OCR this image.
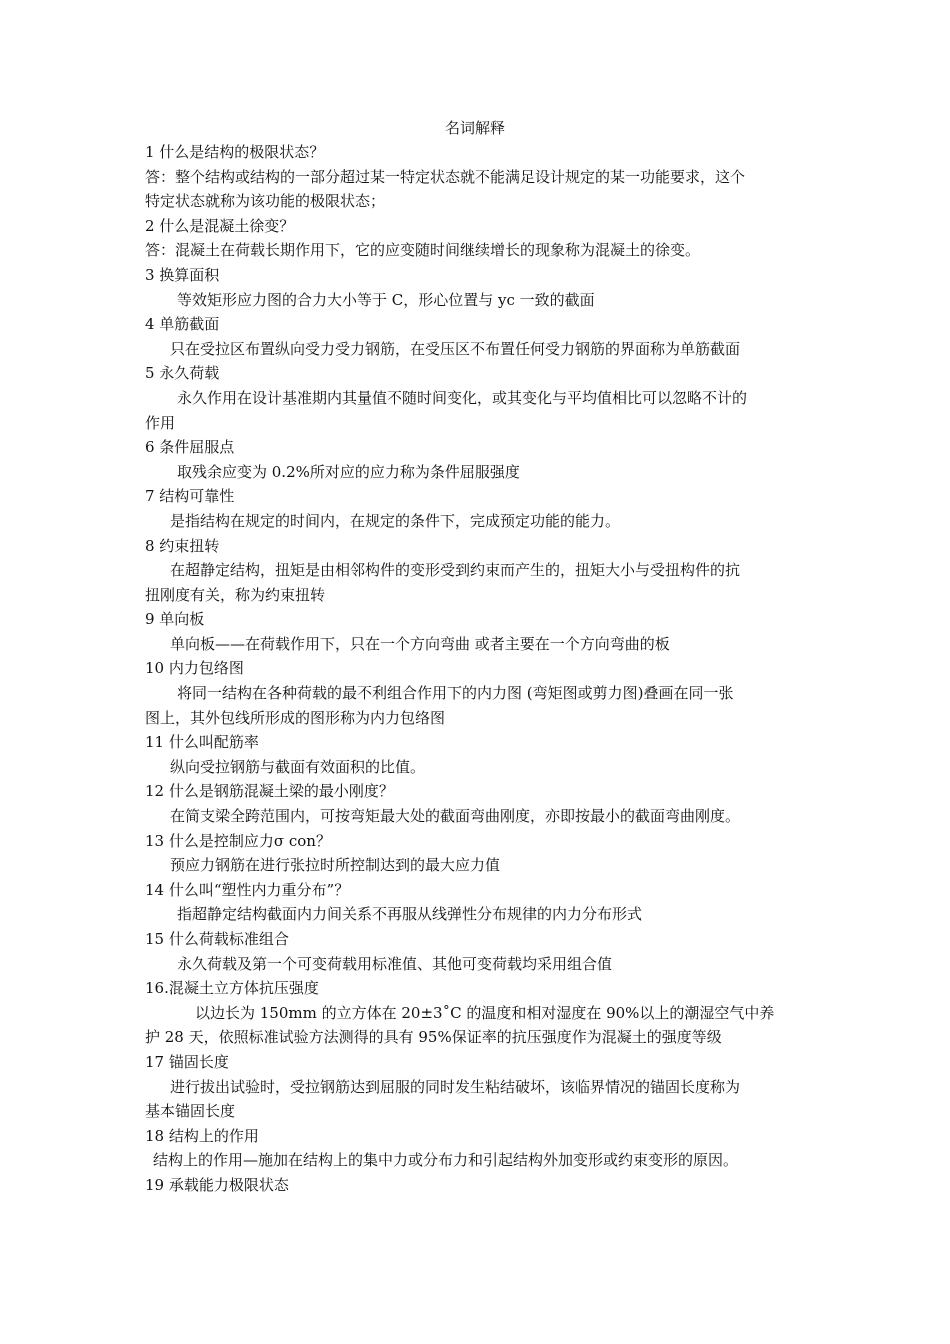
名词解释
1 什么是结构的极限状态？
答：整个结构或结构的一部分超过某一特定状态就不能满足设计规定的某一功能要求，这个
特定状态就称为该功能的极限状态；
2 什么是混凝土徐变？
答：混凝土在荷载长期作用下，它的应变随时间继续增长的现象称为混凝土的徐变。
3 换算面积
等效矩形应力图的合力大小等于 C，形心位置与 yc 一致的截面
4 单筋截面
只在受拉区布置纵向受力受力钢筋，在受压区不布置任何受力钢筋的界面称为单筋截面
5 永久荷载
永久作用在设计基准期内其量值不随时间变化，或其变化与平均值相比可以忽略不计的
作用
6 条件屈服点
取残余应变为 0.2%所对应的应力称为条件屈服强度
7 结构可靠性
是指结构在规定的时间内，在规定的条件下，完成预定功能的能力。
8 约束扭转
在超静定结构，扭矩是由相邻构件的变形受到约束而产生的，扭矩大小与受扭构件的抗
扭刚度有关，称为约束扭转
9 单向板
单向板——在荷载作用下，只在一个方向弯曲 或者主要在一个方向弯曲的板
10 内力包络图
将同一结构在各种荷载的最不利组合作用下的内力图 (弯矩图或剪力图)叠画在同一张
图上，其外包线所形成的图形称为内力包络图
11 什么叫配筋率
纵向受拉钢筋与截面有效面积的比值。
12 什么是钢筋混凝土梁的最小刚度？
在简支梁全跨范围内，可按弯矩最大处的截面弯曲刚度，亦即按最小的截面弯曲刚度。
13 什么是控制应力σ con？
预应力钢筋在进行张拉时所控制达到的最大应力值
14 什么叫“塑性内力重分布”？
指超静定结构截面内力间关系不再服从线弹性分布规律的内力分布形式
15 什么荷载标准组合
永久荷载及第一个可变荷载用标准值、其他可变荷载均采用组合值
16.混凝土立方体抗压强度
以边长为 150mm 的立方体在 20±3˚C 的温度和相对湿度在 90%以上的潮湿空气中养
护 28 天，依照标准试验方法测得的具有 95%保证率的抗压强度作为混凝土的强度等级
17 锚固长度
进行拔出试验时，受拉钢筋达到屈服的同时发生粘结破坏，该临界情况的锚固长度称为
基本锚固长度
18 结构上的作用
结构上的作用—施加在结构上的集中力或分布力和引起结构外加变形或约束变形的原因。
19 承载能力极限状态
